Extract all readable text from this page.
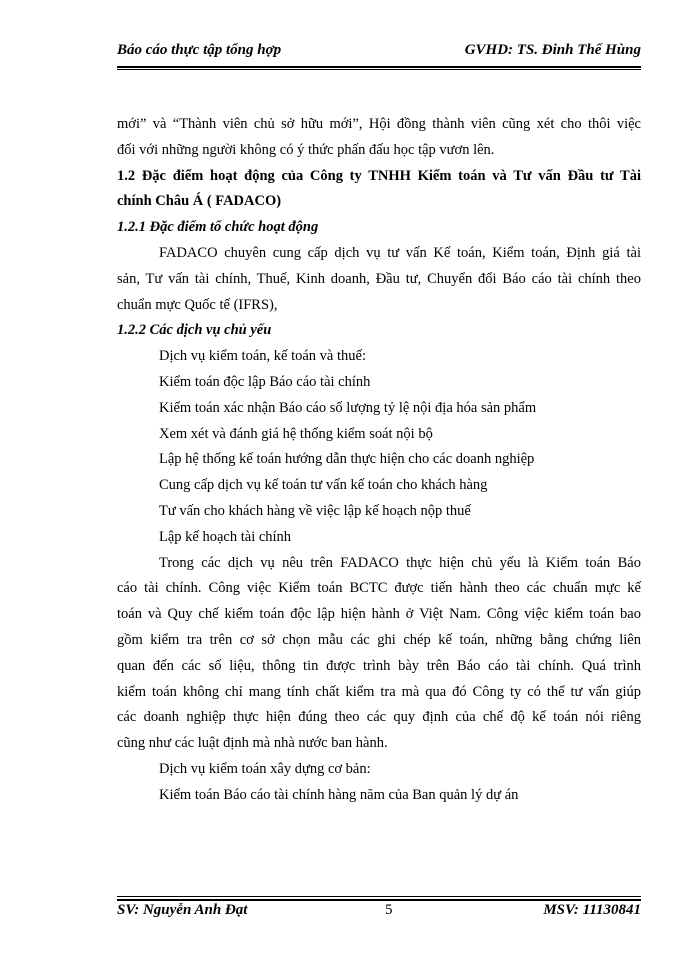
Báo cáo thực tập tổng hợp	GVHD: TS. Đinh Thế Hùng
mới” và “Thành viên chủ sở hữu mới”, Hội đồng thành viên cũng xét cho thôi việc
đối với những người không có ý thức phấn đấu học tập vươn lên.
1.2 Đặc điểm hoạt động của Công ty TNHH Kiểm toán và Tư vấn Đầu tư Tài
chính Châu Á ( FADACO)
1.2.1 Đặc điểm tổ chức hoạt động
FADACO chuyên cung cấp dịch vụ tư vấn Kế toán, Kiểm toán, Định giá tài
sản, Tư vấn tài chính, Thuế, Kinh doanh, Đầu tư, Chuyển đổi Báo cáo tài chính theo
chuẩn mực Quốc tế (IFRS),
1.2.2 Các dịch vụ chủ yếu
Dịch vụ kiểm toán, kế toán và thuế:
Kiểm toán độc lập Báo cáo tài chính
Kiểm toán xác nhận Báo cáo số lượng tỷ lệ nội địa hóa sản phẩm
Xem xét và đánh giá hệ thống kiểm soát nội bộ
Lập hệ thống kế toán hướng dẫn thực hiện cho các doanh nghiệp
Cung cấp dịch vụ kế toán tư vấn kế toán cho khách hàng
Tư vấn cho khách hàng về việc lập kế hoạch nộp thuế
Lập kế hoạch tài chính
Trong các dịch vụ nêu trên FADACO thực hiện chủ yếu là Kiểm toán Báo
cáo tài chính. Công việc Kiểm toán BCTC được tiến hành theo các chuẩn mực kế
toán và Quy chế kiểm toán độc lập hiện hành ở Việt Nam. Công việc kiểm toán bao
gồm kiểm tra trên cơ sở chọn mẫu các ghi chép kế toán, những bằng chứng liên
quan đến các số liệu, thông tin được trình bày trên Báo cáo tài chính. Quá trình
kiểm toán không chỉ mang tính chất kiểm tra mà qua đó Công ty có thể tư vấn giúp
các doanh nghiệp thực hiện đúng theo các quy định của chế độ kế toán nói riêng
cũng như các luật định mà nhà nước ban hành.
Dịch vụ kiểm toán xây dựng cơ bản:
Kiểm toán Báo cáo tài chính hàng năm của Ban quản lý dự án
SV: Nguyễn Anh Đạt	5	MSV: 11130841
